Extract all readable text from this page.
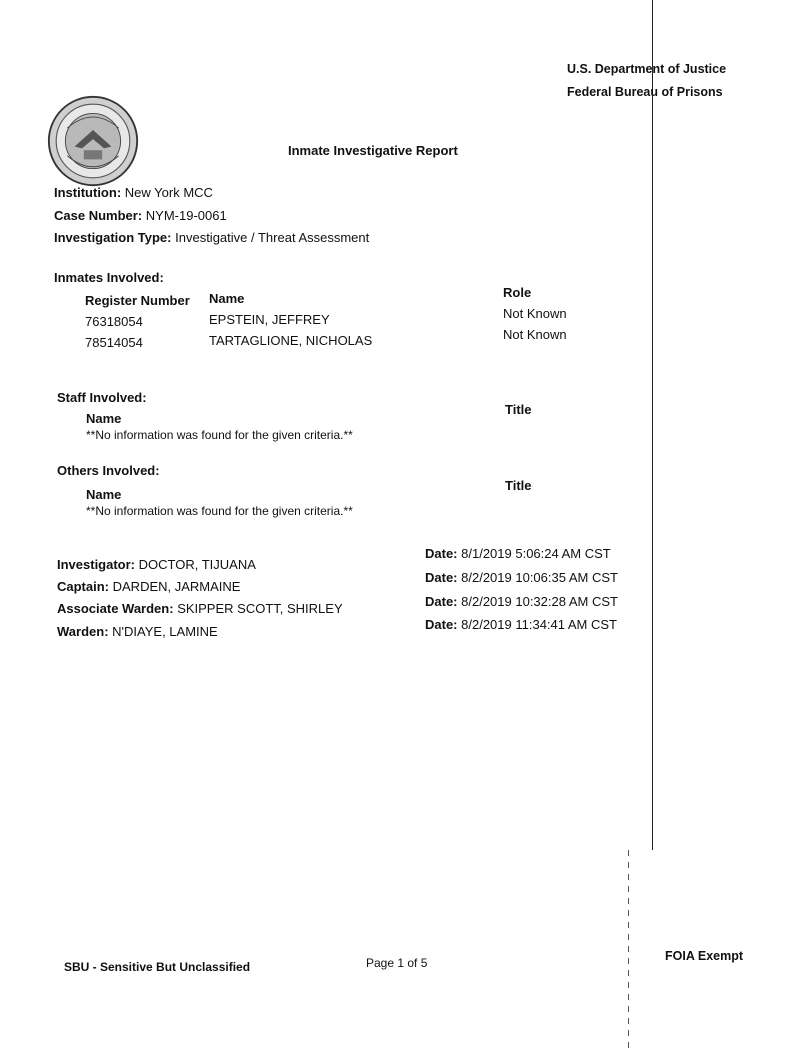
U.S. Department of Justice
Federal Bureau of Prisons
Inmate Investigative Report
Institution: New York MCC
Case Number: NYM-19-0061
Investigation Type: Investigative / Threat Assessment
Inmates Involved:
Register Number Name	Role
76318054	EPSTEIN, JEFFREY	Not Known
78514054	TARTAGLIONE, NICHOLAS	Not Known
Staff Involved:
Name
Title
**No information was found for the given criteria.**
Others Involved:
Name
Title
**No information was found for the given criteria.**
Investigator: DOCTOR, TIJUANA
Date: 8/1/2019 5:06:24 AM CST
Captain: DARDEN, JARMAINE
Date: 8/2/2019 10:06:35 AM CST
Associate Warden: SKIPPER SCOTT, SHIRLEY	Date: 8/2/2019 10:32:28 AM CST
Warden: N'DIAYE, LAMINE	Date: 8/2/2019 11:34:41 AM CST
SBU - Sensitive But Unclassified	Page 1 of 5	FOIA Exempt
